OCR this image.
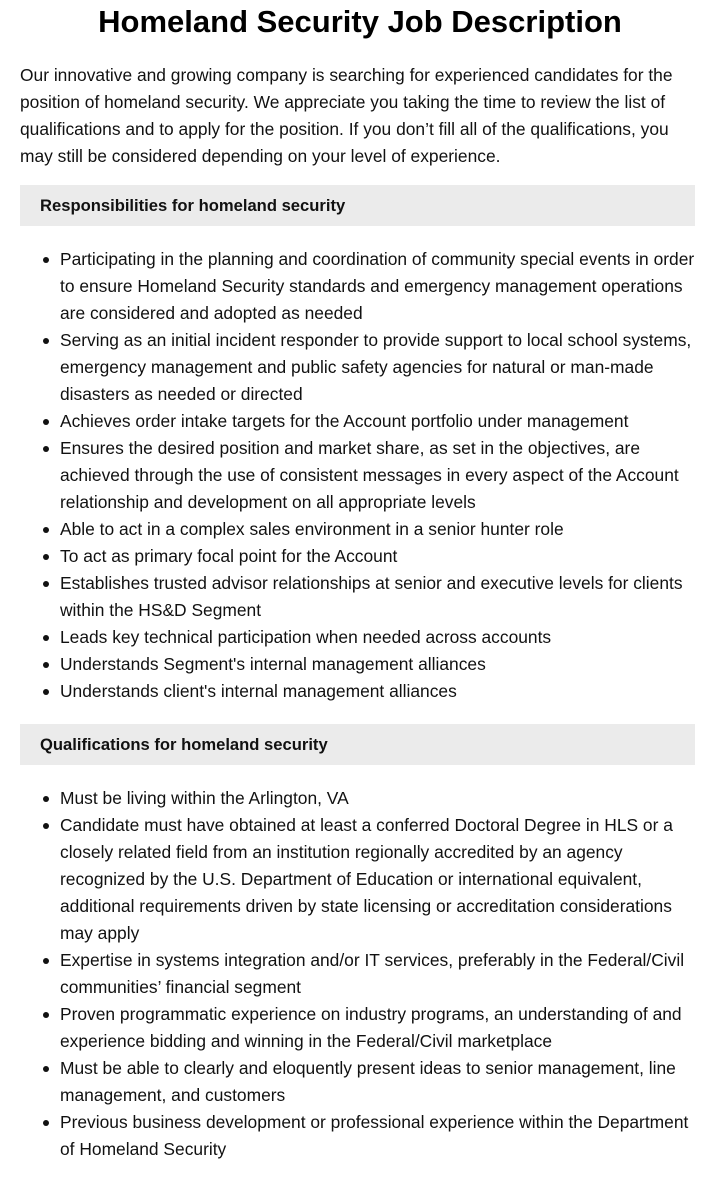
Homeland Security Job Description

Our innovative and growing company is searching for experienced candidates for the position of homeland security. We appreciate you taking the time to review the list of qualifications and to apply for the position. If you don’t fill all of the qualifications, you may still be considered depending on your level of experience.

Responsibilities for homeland security
Participating in the planning and coordination of community special events in order to ensure Homeland Security standards and emergency management operations are considered and adopted as needed
Serving as an initial incident responder to provide support to local school systems, emergency management and public safety agencies for natural or man-made disasters as needed or directed
Achieves order intake targets for the Account portfolio under management
Ensures the desired position and market share, as set in the objectives, are achieved through the use of consistent messages in every aspect of the Account relationship and development on all appropriate levels
Able to act in a complex sales environment in a senior hunter role
To act as primary focal point for the Account
Establishes trusted advisor relationships at senior and executive levels for clients within the HS&D Segment
Leads key technical participation when needed across accounts
Understands Segment's internal management alliances
Understands client's internal management alliances
Qualifications for homeland security
Must be living within the Arlington, VA
Candidate must have obtained at least a conferred Doctoral Degree in HLS or a closely related field from an institution regionally accredited by an agency recognized by the U.S. Department of Education or international equivalent, additional requirements driven by state licensing or accreditation considerations may apply
Expertise in systems integration and/or IT services, preferably in the Federal/Civil communities’ financial segment
Proven programmatic experience on industry programs, an understanding of and experience bidding and winning in the Federal/Civil marketplace
Must be able to clearly and eloquently present ideas to senior management, line management, and customers
Previous business development or professional experience within the Department of Homeland Security
